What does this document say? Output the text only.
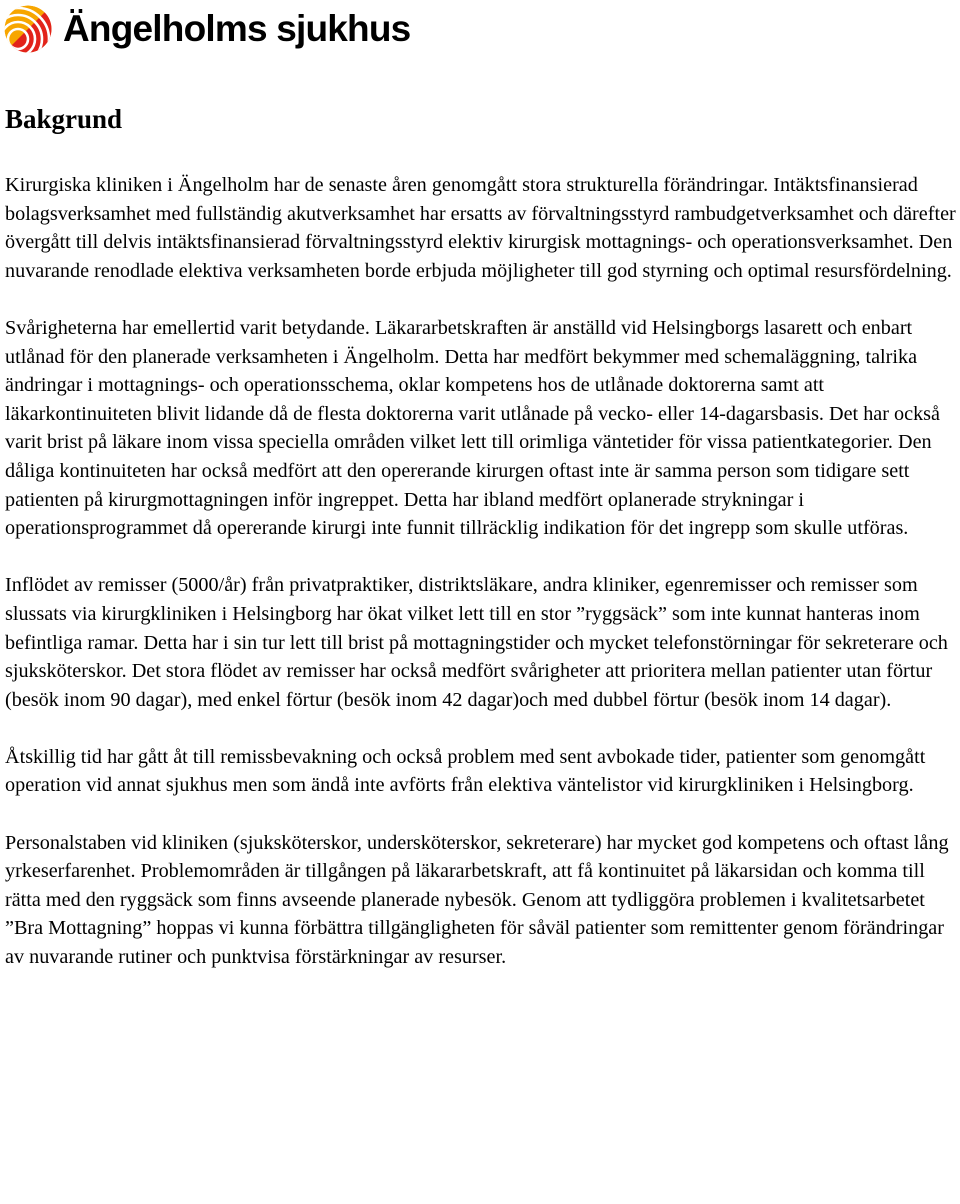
Ängelholms sjukhus
Bakgrund

Kirurgiska kliniken i Ängelholm har de senaste åren genomgått stora strukturella förändringar. Intäktsfinansierad bolagsverksamhet med fullständig akutverksamhet har ersatts av förvaltningsstyrd rambudgetverksamhet och därefter övergått till delvis intäktsfinansierad förvaltningsstyrd elektiv kirurgisk mottagnings- och operationsverksamhet. Den nuvarande renodlade elektiva verksamheten borde erbjuda möjligheter till god styrning och optimal resursfördelning.

Svårigheterna har emellertid varit betydande. Läkararbetskraften är anställd vid Helsingborgs lasarett och enbart utlånad för den planerade verksamheten i Ängelholm. Detta har medfört bekymmer med schemaläggning, talrika ändringar i mottagnings- och operationsschema, oklar kompetens hos de utlånade doktorerna samt att läkarkontinuiteten blivit lidande då de flesta doktorerna varit utlånade på vecko- eller 14-dagarsbasis. Det har också varit brist på läkare inom vissa speciella områden vilket lett till orimliga väntetider för vissa patientkategorier. Den dåliga kontinuiteten har också medfört att den opererande kirurgen oftast inte är samma person som tidigare sett patienten på kirurgmottagningen inför ingreppet. Detta har ibland medfört oplanerade strykningar i operationsprogrammet då opererande kirurgi inte funnit tillräcklig indikation för det ingrepp som skulle utföras.

Inflödet av remisser (5000/år) från privatpraktiker, distriktsläkare, andra kliniker, egenremisser och remisser som slussats via kirurgkliniken i Helsingborg har ökat vilket lett till en stor ”ryggsäck” som inte kunnat hanteras inom befintliga ramar. Detta har i sin tur lett till brist på mottagningstider och mycket telefonstörningar för sekreterare och sjuksköterskor. Det stora flödet av remisser har också medfört svårigheter att prioritera mellan patienter utan förtur (besök inom 90 dagar), med enkel förtur (besök inom 42 dagar)och med dubbel förtur (besök inom 14 dagar).

Åtskillig tid har gått åt till remissbevakning och också problem med sent avbokade tider, patienter som genomgått operation vid annat sjukhus men som ändå inte avförts från elektiva väntelistor vid kirurgkliniken i Helsingborg.

Personalstaben vid kliniken (sjuksköterskor, undersköterskor, sekreterare) har mycket god kompetens och oftast lång yrkeserfarenhet. Problemområden är tillgången på läkararbetskraft, att få kontinuitet på läkarsidan och komma till rätta med den ryggsäck som finns avseende planerade nybesök. Genom att tydliggöra problemen i kvalitetsarbetet ”Bra Mottagning” hoppas vi kunna förbättra tillgängligheten för såväl patienter som remittenter genom förändringar av nuvarande rutiner och punktvisa förstärkningar av resurser.
